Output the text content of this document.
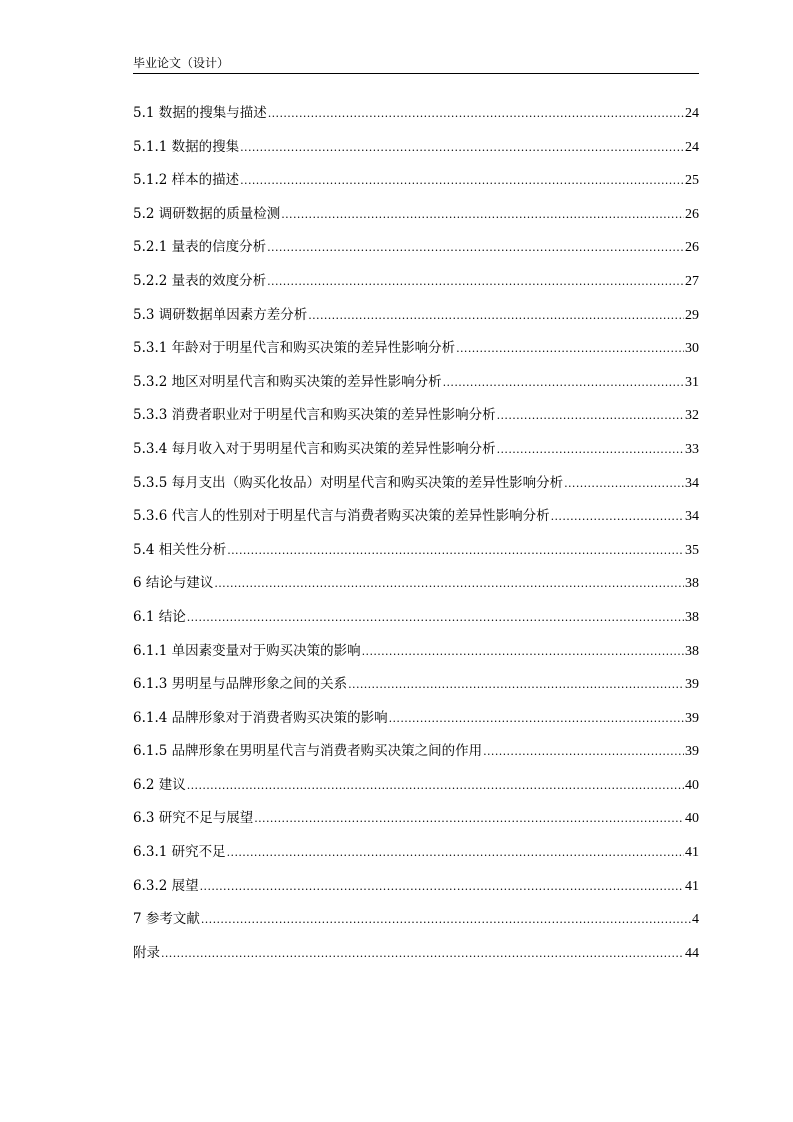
毕业论文（设计）
5.1 数据的搜集与描述 .....	24
5.1.1 数据的搜集 .....	24
5.1.2 样本的描述 .....	25
5.2 调研数据的质量检测 .....	26
5.2.1 量表的信度分析 .....	26
5.2.2 量表的效度分析 .....	27
5.3 调研数据单因素方差分析 .....	29
5.3.1 年龄对于明星代言和购买决策的差异性影响分析 .....	30
5.3.2 地区对明星代言和购买决策的差异性影响分析 .....	31
5.3.3 消费者职业对于明星代言和购买决策的差异性影响分析 .....	32
5.3.4 每月收入对于男明星代言和购买决策的差异性影响分析 .....	33
5.3.5 每月支出（购买化妆品）对明星代言和购买决策的差异性影响分析 .....	34
5.3.6 代言人的性别对于明星代言与消费者购买决策的差异性影响分析 .....	34
5.4 相关性分析 .....	35
6 结论与建议 .....	38
6.1 结论 .....	38
6.1.1 单因素变量对于购买决策的影响 .....	38
6.1.3 男明星与品牌形象之间的关系 .....	39
6.1.4 品牌形象对于消费者购买决策的影响 .....	39
6.1.5 品牌形象在男明星代言与消费者购买决策之间的作用 .....	39
6.2 建议 .....	40
6.3 研究不足与展望 .....	40
6.3.1 研究不足 .....	41
6.3.2 展望 .....	41
7 参考文献 .....	4
附录 .....	44
